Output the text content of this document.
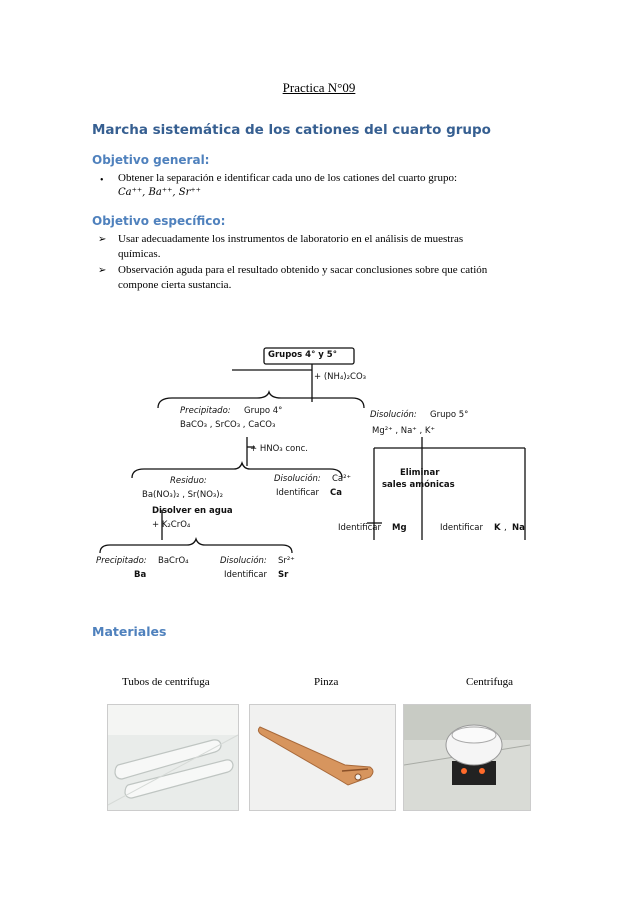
Practica N°09
Marcha sistemática de los cationes del cuarto grupo
Objetivo general:
• Obtener la separación e identificar cada uno de los cationes del cuarto grupo:
Ca⁺⁺, Ba⁺⁺, Sr⁺⁺
Objetivo específico:
➢ Usar adecuadamente los instrumentos de laboratorio en el análisis de muestras
químicas.
➢ Observación aguda para el resultado obtenido y sacar conclusiones sobre que catión
compone cierta sustancia.
Grupos 4° y 5°
+ (NH₄)₂CO₃
Precipitado: Grupo 4°
BaCO₃ , SrCO₃ , CaCO₃
Disolución: Grupo 5°
Mg²⁺ , Na⁺ , K⁺
+ HNO₃ conc.
Residuo:
Ba(NO₃)₂ , Sr(NO₃)₂
Disolución: Ca²⁺
Identificar Ca
Eliminar
sales amónicas
Disolver en agua
+ K₂CrO₄	Identificar Mg	Identificar K , Na
Precipitado: BaCrO₄
Ba
Disolución: Sr²⁺
Identificar Sr
Materiales
Tubos de centrifuga	Pinza	Centrifuga
